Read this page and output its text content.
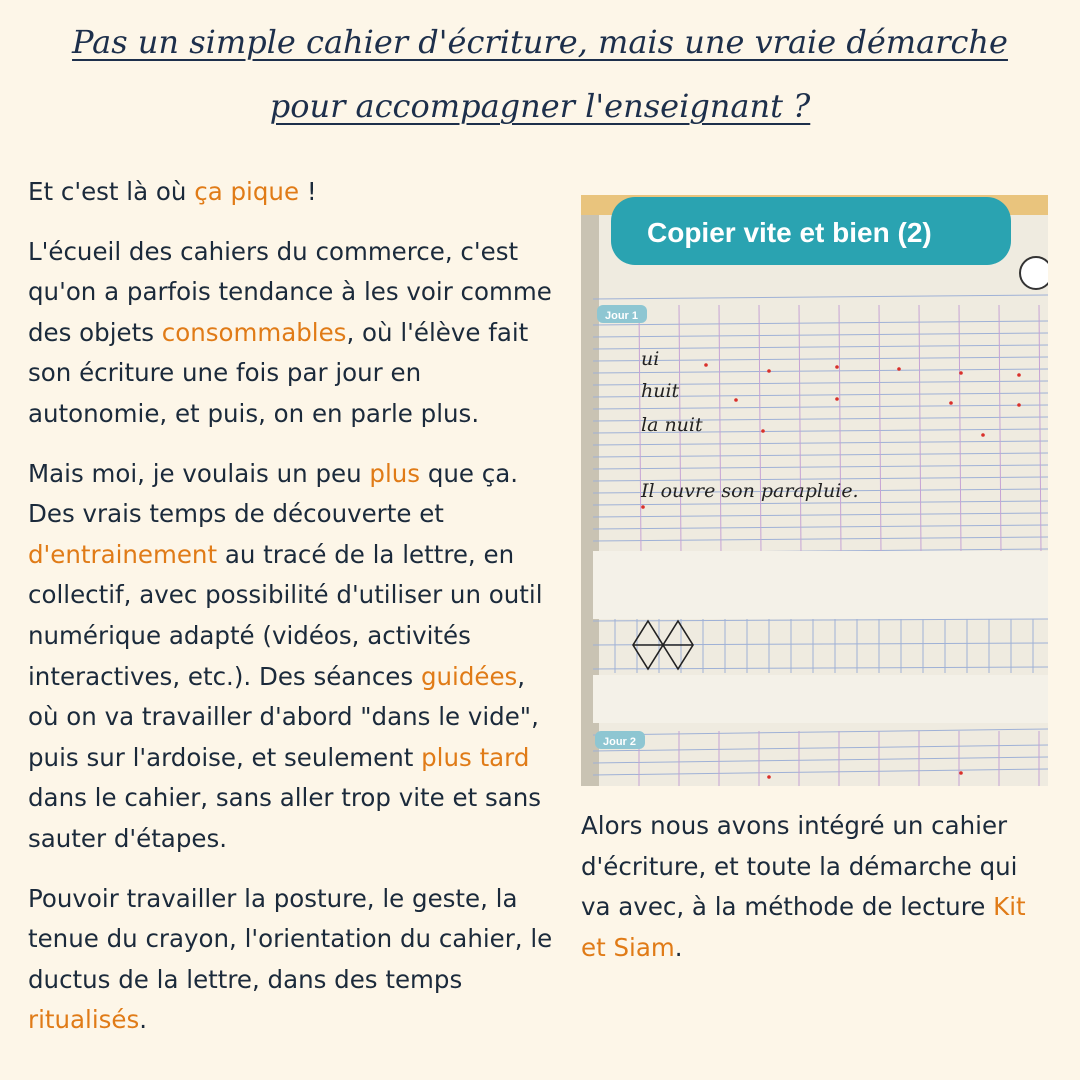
Pas un simple cahier d'écriture, mais une vraie démarche
pour accompagner l'enseignant ?

Et c'est là où ça pique !

L'écueil des cahiers du commerce, c'est qu'on a parfois tendance à les voir comme des objets consommables, où l'élève fait son écriture une fois par jour en autonomie, et puis, on en parle plus.

Mais moi, je voulais un peu plus que ça. Des vrais temps de découverte et d'entrainement au tracé de la lettre, en collectif, avec possibilité d'utiliser un outil numérique adapté (vidéos, activités interactives, etc.). Des séances guidées, où on va travailler d'abord "dans le vide", puis sur l'ardoise, et seulement plus tard dans le cahier, sans aller trop vite et sans sauter d'étapes.

Pouvoir travailler la posture, le geste, la tenue du crayon, l'orientation du cahier, le ductus de la lettre, dans des temps ritualisés.

Copier vite et bien (2)
Jour 1
ui
huit
la nuit
Il ouvre son parapluie.
Jour 2

Alors nous avons intégré un cahier d'écriture, et toute la démarche qui va avec, à la méthode de lecture Kit et Siam.
